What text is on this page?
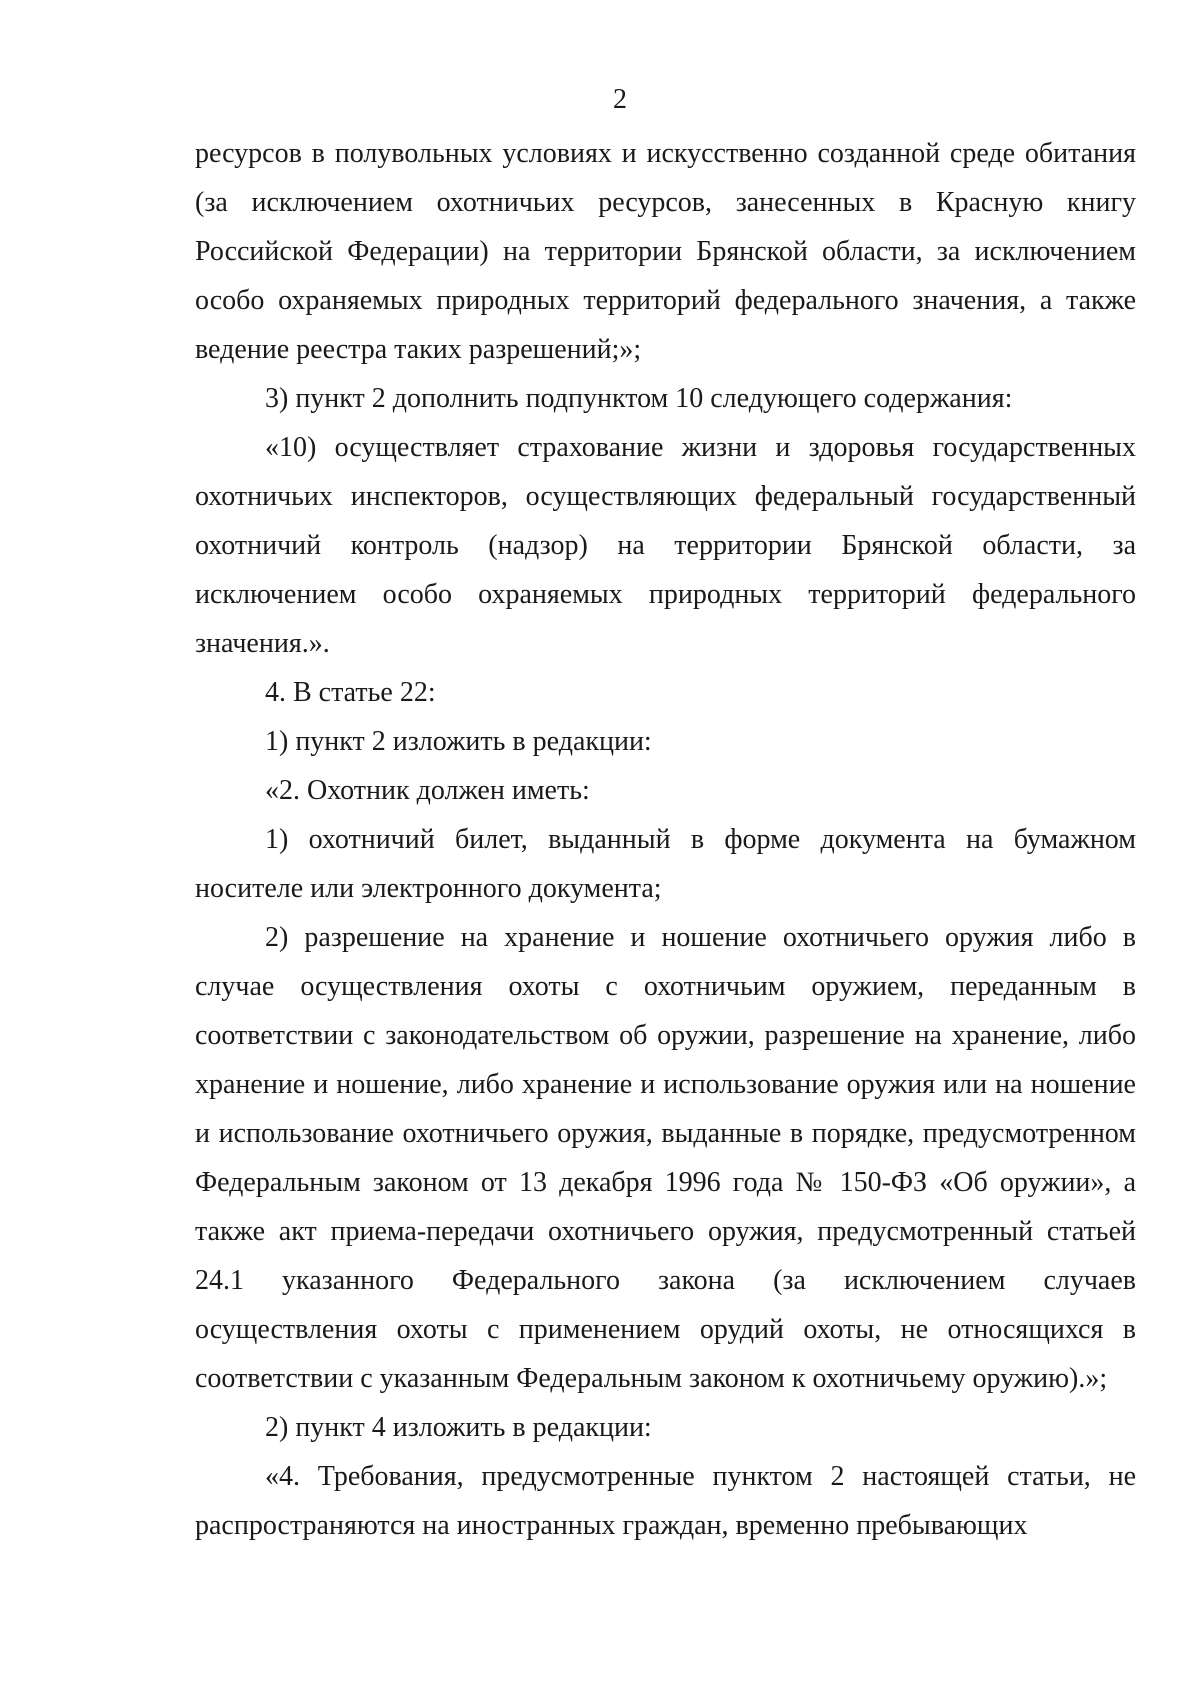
2

ресурсов в полувольных условиях и искусственно созданной среде обитания (за исключением охотничьих ресурсов, занесенных в Красную книгу Российской Федерации) на территории Брянской области, за исключением особо охраняемых природных территорий федерального значения, а также ведение реестра таких разрешений;»;

3) пункт 2 дополнить подпунктом 10 следующего содержания:

«10) осуществляет страхование жизни и здоровья государственных охотничьих инспекторов, осуществляющих федеральный государственный охотничий контроль (надзор) на территории Брянской области, за исключением особо охраняемых природных территорий федерального значения.».

4. В статье 22:

1) пункт 2 изложить в редакции:

«2. Охотник должен иметь:

1) охотничий билет, выданный в форме документа на бумажном носителе или электронного документа;

2) разрешение на хранение и ношение охотничьего оружия либо в случае осуществления охоты с охотничьим оружием, переданным в соответствии с законодательством об оружии, разрешение на хранение, либо хранение и ношение, либо хранение и использование оружия или на ношение и использование охотничьего оружия, выданные в порядке, предусмотренном Федеральным законом от 13 декабря 1996 года № 150-ФЗ «Об оружии», а также акт приема-передачи охотничьего оружия, предусмотренный статьей 24.1 указанного Федерального закона (за исключением случаев осуществления охоты с применением орудий охоты, не относящихся в соответствии с указанным Федеральным законом к охотничьему оружию).»;

2) пункт 4 изложить в редакции:

«4. Требования, предусмотренные пунктом 2 настоящей статьи, не распространяются на иностранных граждан, временно пребывающих
